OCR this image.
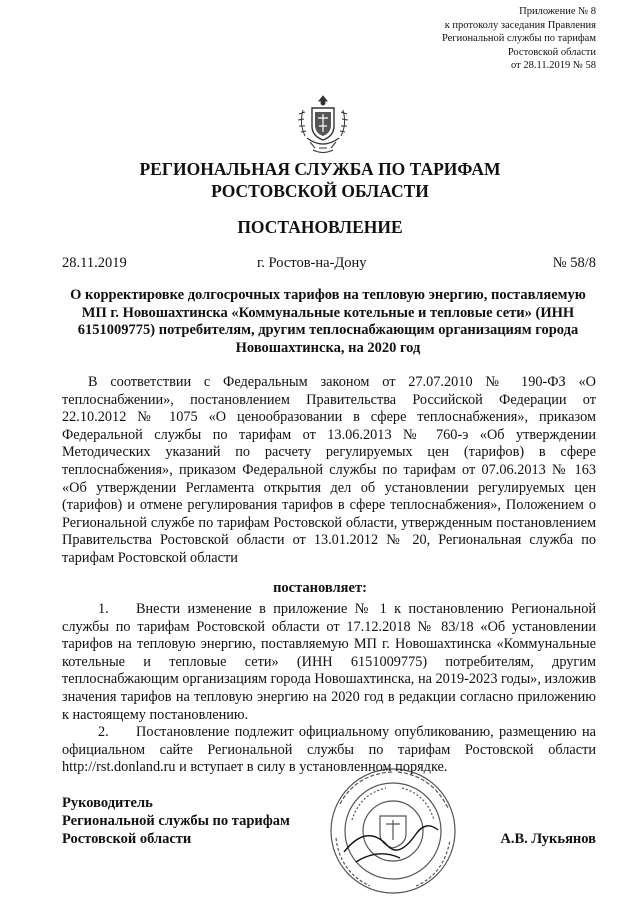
Приложение № 8
к протоколу заседания Правления
Региональной службы по тарифам
Ростовской области
от 28.11.2019 № 58
РЕГИОНАЛЬНАЯ СЛУЖБА ПО ТАРИФАМ
РОСТОВСКОЙ ОБЛАСТИ
ПОСТАНОВЛЕНИЕ
28.11.2019	г. Ростов-на-Дону	№ 58/8
О корректировке долгосрочных тарифов на тепловую энергию, поставляемую МП г. Новошахтинска «Коммунальные котельные и тепловые сети» (ИНН 6151009775) потребителям, другим теплоснабжающим организациям города Новошахтинска, на 2020 год

В соответствии с Федеральным законом от 27.07.2010 № 190-ФЗ «О теплоснабжении», постановлением Правительства Российской Федерации от 22.10.2012 № 1075 «О ценообразовании в сфере теплоснабжения», приказом Федеральной службы по тарифам от 13.06.2013 № 760-э «Об утверждении Методических указаний по расчету регулируемых цен (тарифов) в сфере теплоснабжения», приказом Федеральной службы по тарифам от 07.06.2013 № 163 «Об утверждении Регламента открытия дел об установлении регулируемых цен (тарифов) и отмене регулирования тарифов в сфере теплоснабжения», Положением о Региональной службе по тарифам Ростовской области, утвержденным постановлением Правительства Ростовской области от 13.01.2012 № 20, Региональная служба по тарифам Ростовской области

постановляет:

1. Внести изменение в приложение № 1 к постановлению Региональной службы по тарифам Ростовской области от 17.12.2018 № 83/18 «Об установлении тарифов на тепловую энергию, поставляемую МП г. Новошахтинска «Коммунальные котельные и тепловые сети» (ИНН 6151009775) потребителям, другим теплоснабжающим организациям города Новошахтинска, на 2019-2023 годы», изложив значения тарифов на тепловую энергию на 2020 год в редакции согласно приложению к настоящему постановлению.

2. Постановление подлежит официальному опубликованию, размещению на официальном сайте Региональной службы по тарифам Ростовской области http://rst.donland.ru и вступает в силу в установленном порядке.

Руководитель
Региональной службы по тарифам
Ростовской области	А.В. Лукьянов
